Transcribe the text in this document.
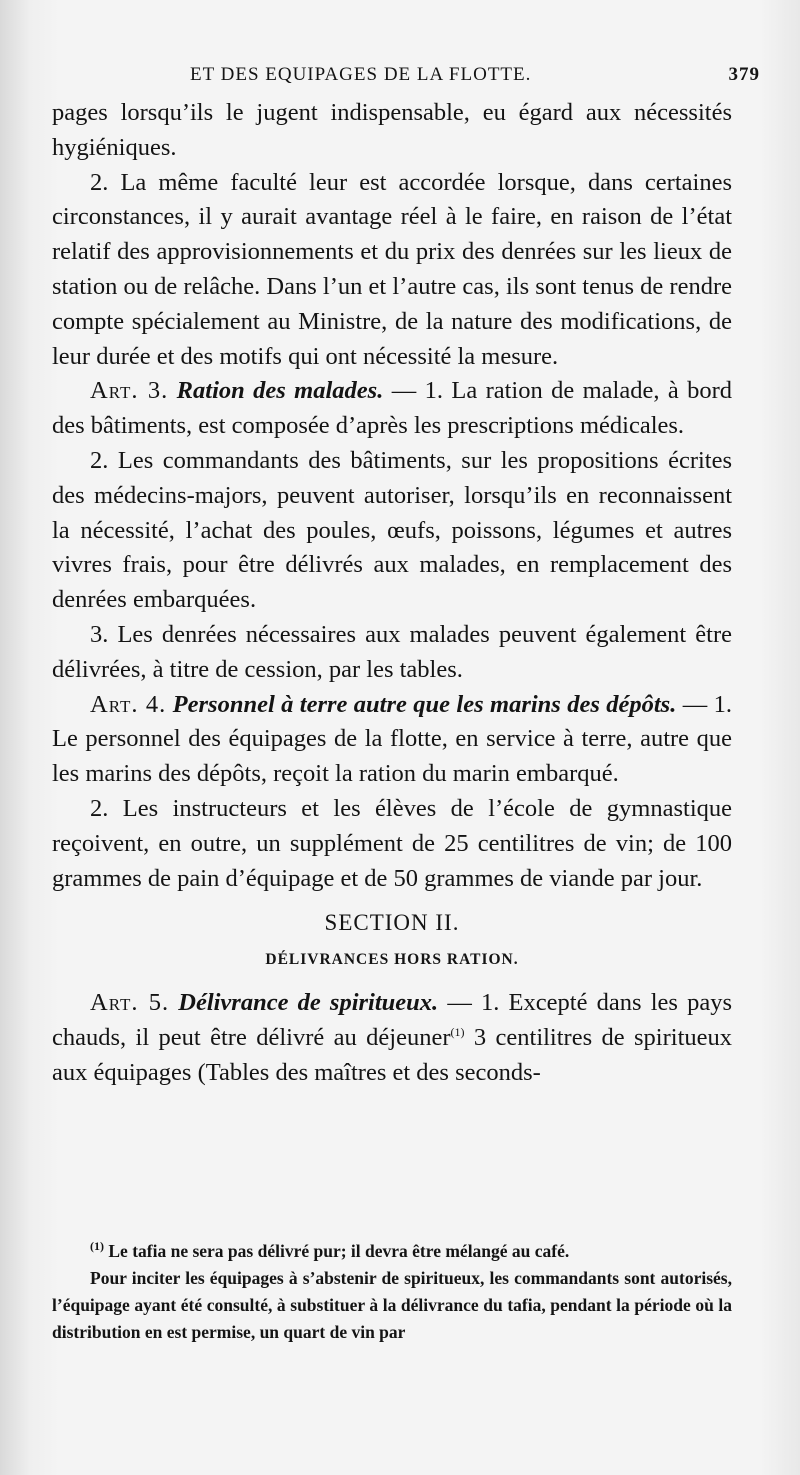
ET DES EQUIPAGES DE LA FLOTTE.	379

pages lorsqu’ils le jugent indispensable, eu égard aux nécessités hygiéniques.

2. La même faculté leur est accordée lorsque, dans certaines circonstances, il y aurait avantage réel à le faire, en raison de l’état relatif des approvisionnements et du prix des denrées sur les lieux de station ou de relâche. Dans l’un et l’autre cas, ils sont tenus de rendre compte spécialement au Ministre, de la nature des modifications, de leur durée et des motifs qui ont nécessité la mesure.

Art. 3. Ration des malades. — 1. La ration de malade, à bord des bâtiments, est composée d’après les prescriptions médicales.

2. Les commandants des bâtiments, sur les propositions écrites des médecins-majors, peuvent autoriser, lorsqu’ils en reconnaissent la nécessité, l’achat des poules, œufs, poissons, légumes et autres vivres frais, pour être délivrés aux malades, en remplacement des denrées embarquées.

3. Les denrées nécessaires aux malades peuvent également être délivrées, à titre de cession, par les tables.

Art. 4. Personnel à terre autre que les marins des dépôts. — 1. Le personnel des équipages de la flotte, en service à terre, autre que les marins des dépôts, reçoit la ration du marin embarqué.

2. Les instructeurs et les élèves de l’école de gymnastique reçoivent, en outre, un supplément de 25 centilitres de vin; de 100 grammes de pain d’équipage et de 50 grammes de viande par jour.

SECTION II.
DÉLIVRANCES HORS RATION.

Art. 5. Délivrance de spiritueux. — 1. Excepté dans les pays chauds, il peut être délivré au déjeuner$^{(1)}$ 3 centilitres de spiritueux aux équipages (Tables des maîtres et des seconds-

$^{(1)}$ Le tafia ne sera pas délivré pur; il devra être mélangé au café.

Pour inciter les équipages à s’abstenir de spiritueux, les commandants sont autorisés, l’équipage ayant été consulté, à substituer à la délivrance du tafia, pendant la période où la distribution en est permise, un quart de vin par
